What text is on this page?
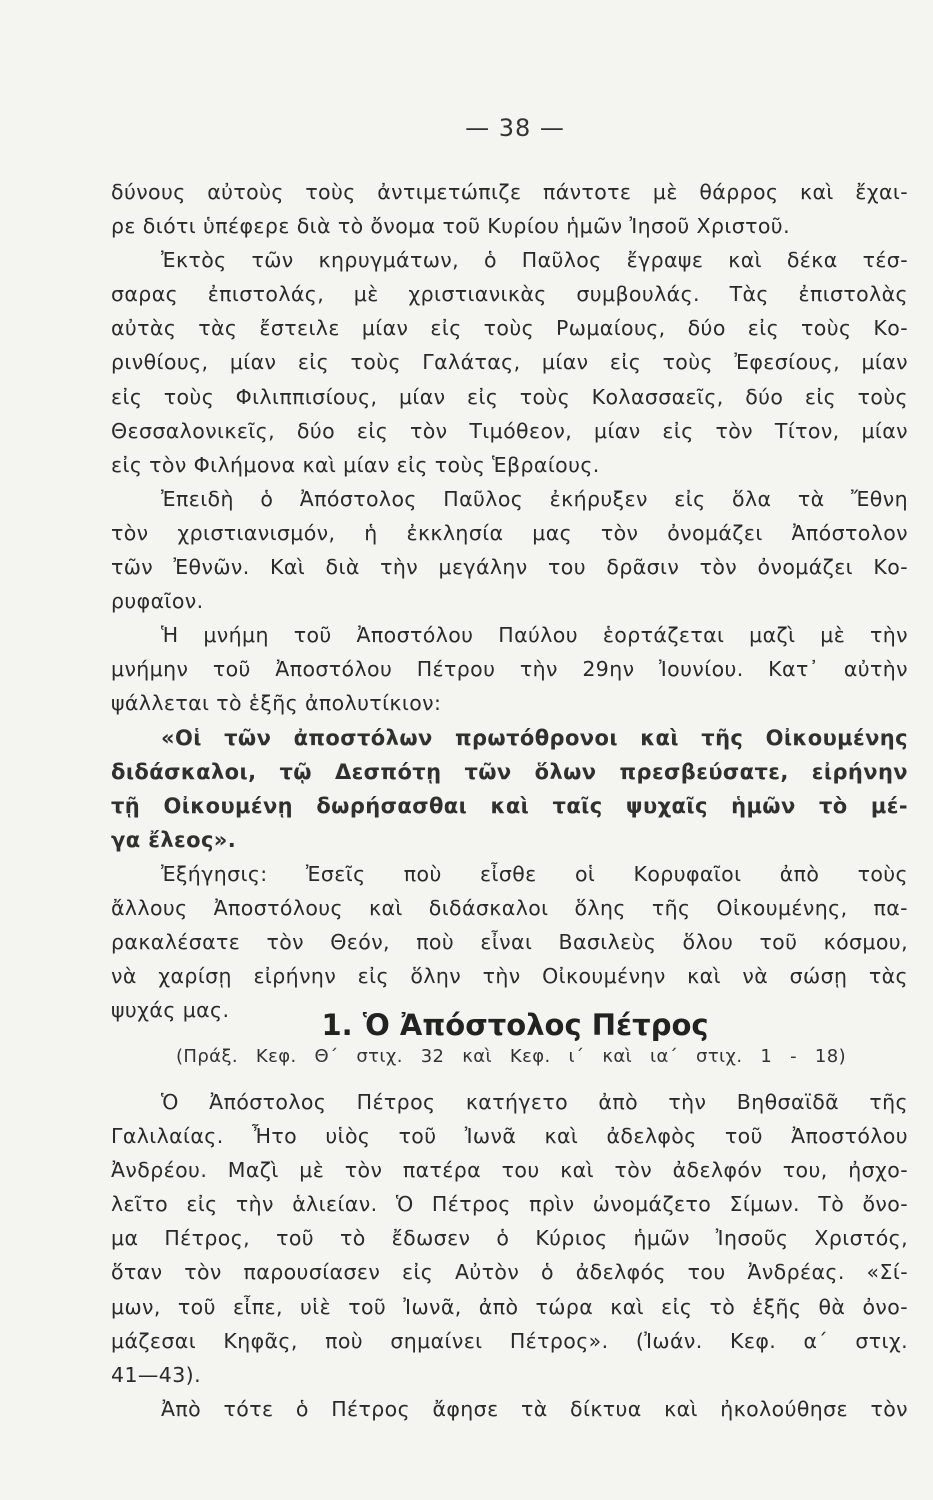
— 38 —
δύνους αὐτοὺς τοὺς ἀντιμετώπιζε πάντοτε μὲ θάρρος καὶ ἔχαι-
ρε διότι ὑπέφερε διὰ τὸ ὄνομα τοῦ Κυρίου ἡμῶν Ἰησοῦ Χριστοῦ.
Ἐκτὸς τῶν κηρυγμάτων, ὁ Παῦλος ἔγραψε καὶ δέκα τέσ-
σαρας ἐπιστολάς, μὲ χριστιανικὰς συμβουλάς. Τὰς ἐπιστολὰς
αὐτὰς τὰς ἔστειλε μίαν εἰς τοὺς Ρωμαίους, δύο εἰς τοὺς Κο-
ρινθίους, μίαν εἰς τοὺς Γαλάτας, μίαν εἰς τοὺς Ἐφεσίους, μίαν
εἰς τοὺς Φιλιππισίους, μίαν εἰς τοὺς Κολασσαεῖς, δύο εἰς τοὺς
Θεσσαλονικεῖς, δύο εἰς τὸν Τιμόθεον, μίαν εἰς τὸν Τίτον, μίαν
εἰς τὸν Φιλήμονα καὶ μίαν εἰς τοὺς Ἑβραίους.
Ἐπειδὴ ὁ Ἀπόστολος Παῦλος ἐκήρυξεν εἰς ὅλα τὰ Ἔθνη
τὸν χριστιανισμόν, ἡ ἐκκλησία μας τὸν ὀνομάζει Ἀπόστολον
τῶν Ἐθνῶν. Καὶ διὰ τὴν μεγάλην του δρᾶσιν τὸν ὀνομάζει Κο-
ρυφαῖον.
Ἡ μνήμη τοῦ Ἀποστόλου Παύλου ἑορτάζεται μαζὶ μὲ τὴν
μνήμην τοῦ Ἀποστόλου Πέτρου τὴν 29ην Ἰουνίου. Κατ᾽ αὐτὴν
ψάλλεται τὸ ἑξῆς ἀπολυτίκιον:
«Οἱ τῶν ἀποστόλων πρωτόθρονοι καὶ τῆς Οἰκουμένης
διδάσκαλοι, τῷ Δεσπότῃ τῶν ὅλων πρεσβεύσατε, εἰρήνην
τῇ Οἰκουμένῃ δωρήσασθαι καὶ ταῖς ψυχαῖς ἡμῶν τὸ μέ-
γα ἔλεος».
Ἐξήγησις: Ἐσεῖς ποὺ εἶσθε οἱ Κορυφαῖοι ἀπὸ τοὺς
ἄλλους Ἀποστόλους καὶ διδάσκαλοι ὅλης τῆς Οἰκουμένης, πα-
ρακαλέσατε τὸν Θεόν, ποὺ εἶναι Βασιλεὺς ὅλου τοῦ κόσμου,
νὰ χαρίσῃ εἰρήνην εἰς ὅλην τὴν Οἰκουμένην καὶ νὰ σώσῃ τὰς
ψυχάς μας.	1. Ὁ Ἀπόστολος Πέτρος
(Πράξ. Κεφ. Θ΄ στιχ. 32 καὶ Κεφ. ι΄ καὶ ια΄ στιχ. 1 - 18)
Ὁ Ἀπόστολος Πέτρος κατήγετο ἀπὸ τὴν Βηθσαϊδᾶ τῆς
Γαλιλαίας. Ἦτο υἱὸς τοῦ Ἰωνᾶ καὶ ἀδελφὸς τοῦ Ἀποστόλου
Ἀνδρέου. Μαζὶ μὲ τὸν πατέρα του καὶ τὸν ἀδελφόν του, ἠσχο-
λεῖτο εἰς τὴν ἁλιείαν. Ὁ Πέτρος πρὶν ὠνομάζετο Σίμων. Τὸ ὄνο-
μα Πέτρος, τοῦ τὸ ἔδωσεν ὁ Κύριος ἡμῶν Ἰησοῦς Χριστός,
ὅταν τὸν παρουσίασεν εἰς Αὐτὸν ὁ ἀδελφός του Ἀνδρέας. «Σί-
μων, τοῦ εἶπε, υἱὲ τοῦ Ἰωνᾶ, ἀπὸ τώρα καὶ εἰς τὸ ἑξῆς θὰ ὀνο-
μάζεσαι Κηφᾶς, ποὺ σημαίνει Πέτρος». (Ἰωάν. Κεφ. α΄ στιχ.
41—43).
Ἀπὸ τότε ὁ Πέτρος ἄφησε τὰ δίκτυα καὶ ἠκολούθησε τὸν
